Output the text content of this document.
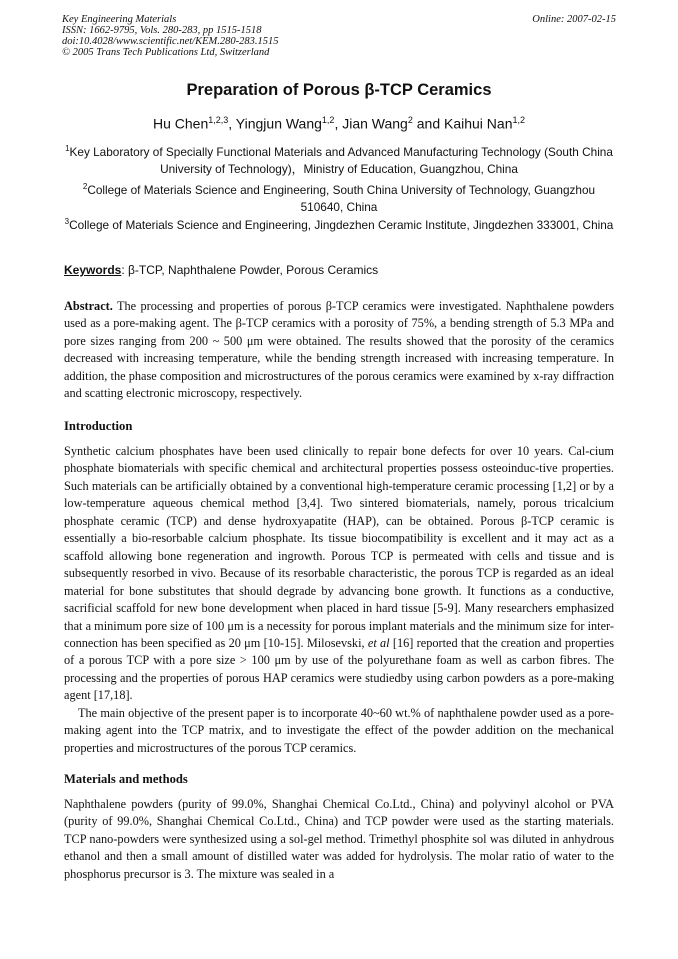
Key Engineering Materials
ISSN: 1662-9795, Vols. 280-283, pp 1515-1518
doi:10.4028/www.scientific.net/KEM.280-283.1515
© 2005 Trans Tech Publications Ltd, Switzerland
Online: 2007-02-15
Preparation of Porous β-TCP Ceramics
Hu Chen$^{1,2,3}$, Yingjun Wang$^{1,2}$, Jian Wang$^2$ and Kaihui Nan$^{1,2}$
$^1$Key Laboratory of Specially Functional Materials and Advanced Manufacturing Technology (South China University of Technology)，Ministry of Education, Guangzhou, China
$^2$College of Materials Science and Engineering, South China University of Technology, Guangzhou 510640, China
$^3$College of Materials Science and Engineering, Jingdezhen Ceramic Institute, Jingdezhen 333001, China
Keywords: β-TCP, Naphthalene Powder, Porous Ceramics
Abstract. The processing and properties of porous β-TCP ceramics were investigated. Naphthalene powders used as a pore-making agent. The β-TCP ceramics with a porosity of 75%, a bending strength of 5.3 MPa and pore sizes ranging from 200 ~ 500 μm were obtained. The results showed that the porosity of the ceramics decreased with increasing temperature, while the bending strength increased with increasing temperature. In addition, the phase composition and microstructures of the porous ceramics were examined by x-ray diffraction and scatting electronic microscopy, respectively.
Introduction
Synthetic calcium phosphates have been used clinically to repair bone defects for over 10 years. Cal-cium phosphate biomaterials with specific chemical and architectural properties possess osteoinduc-tive properties. Such materials can be artificially obtained by a conventional high-temperature ceramic processing [1,2] or by a low-temperature aqueous chemical method [3,4]. Two sintered biomaterials, namely, porous tricalcium phosphate ceramic (TCP) and dense hydroxyapatite (HAP), can be obtained. Porous β-TCP ceramic is essentially a bio-resorbable calcium phosphate. Its tissue biocompatibility is excellent and it may act as a scaffold allowing bone regeneration and ingrowth. Porous TCP is permeated with cells and tissue and is subsequently resorbed in vivo. Because of its resorbable characteristic, the porous TCP is regarded as an ideal material for bone substitutes that should degrade by advancing bone growth. It functions as a conductive, sacrificial scaffold for new bone development when placed in hard tissue [5-9]. Many researchers emphasized that a minimum pore size of 100 μm is a necessity for porous implant materials and the minimum size for inter-connection has been specified as 20 μm [10-15]. Milosevski, et al [16] reported that the creation and properties of a porous TCP with a pore size > 100 μm by use of the polyurethane foam as well as carbon fibres. The processing and the properties of porous HAP ceramics were studiedby using carbon powders as a pore-making agent [17,18].
The main objective of the present paper is to incorporate 40~60 wt.% of naphthalene powder used as a pore-making agent into the TCP matrix, and to investigate the effect of the powder addition on the mechanical properties and microstructures of the porous TCP ceramics.
Materials and methods
Naphthalene powders (purity of 99.0%, Shanghai Chemical Co.Ltd., China) and polyvinyl alcohol or PVA (purity of 99.0%, Shanghai Chemical Co.Ltd., China) and TCP powder were used as the starting materials. TCP nano-powders were synthesized using a sol-gel method. Trimethyl phosphite sol was diluted in anhydrous ethanol and then a small amount of distilled water was added for hydrolysis. The molar ratio of water to the phosphorus precursor is 3. The mixture was sealed in a
